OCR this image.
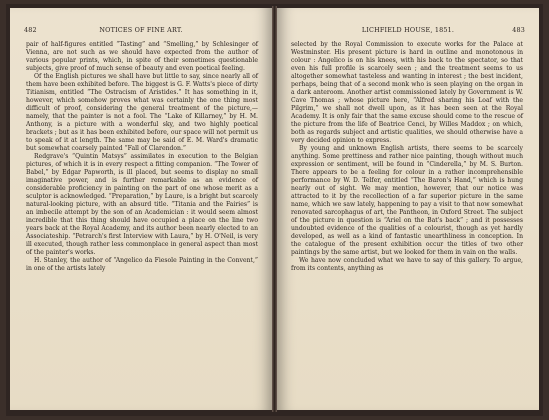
482	NOTICES OF FINE ART.

pair of half-figures entitled “Tasting” and “Smelling,” by Schlesinger of Vienna, are not such as we should have expected from the author of various popular prints, which, in spite of their sometimes questionable subjects, give proof of much sense of beauty and even poetical feeling.

Of the English pictures we shall have but little to say, since nearly all of them have been exhibited before. The biggest is G. F. Watts's piece of dirty Titianism, entitled “The Ostracism of Aristides.” It has something in it, however, which somehow proves what was certainly the one thing most difficult of proof, considering the general treatment of the picture,—namely, that the painter is not a fool. The “Lake of Killarney,” by H. M. Anthony, is a picture with a wonderful sky, and two highly poetical brackets ; but as it has been exhibited before, our space will not permit us to speak of it at length. The same may be said of E. M. Ward's dramatic but somewhat coarsely painted “Fall of Clarendon.”

Redgrave's “Quintin Matsys” assimilates in execution to the Belgian pictures, of which it is in every respect a fitting companion. “The Tower of Babel,” by Edgar Papworth, is ill placed, but seems to display no small imaginative power, and is further remarkable as an evidence of considerable proficiency in painting on the part of one whose merit as a sculptor is acknowledged. “Preparation,” by Laure, is a bright but scarcely natural-looking picture, with an absurd title. “Titania and the Fairies” is an imbecile attempt by the son of an Academician : it would seem almost incredible that this thing should have occupied a place on the line two years back at the Royal Academy, and its author been nearly elected to an Associateship. “Petrarch's first Interview with Laura,” by H. O'Neil, is very ill executed, though rather less commonplace in general aspect than most of the painter's works.

H. Stanley, the author of “Angelico da Fiesole Painting in the Convent,” in one of the artists lately

LICHFIELD HOUSE, 1851.	483

selected by the Royal Commission to execute works for the Palace at Westminster. His present picture is hard in outline and monotonous in colour : Angelico is on his knees, with his back to the spectator, so that even his full profile is scarcely seen ; and the treatment seems to us altogether somewhat tasteless and wanting in interest ; the best incident, perhaps, being that of a second monk who is seen playing on the organ in a dark anteroom. Another artist commissioned lately by Government is W. Cave Thomas ; whose picture here, “Alfred sharing his Loaf with the Pilgrim,” we shall not dwell upon, as it has been seen at the Royal Academy. It is only fair that the same excuse should come to the rescue of the picture from the life of Beatrice Cenci, by Willes Maddox ; on which, both as regards subject and artistic qualities, we should otherwise have a very decided opinion to express.

By young and unknown English artists, there seems to be scarcely anything. Some prettiness and rather nice painting, though without much expression or sentiment, will be found in “Cinderella,” by M. S. Burton. There appears to be a feeling for colour in a rather incomprehensible performance by W. D. Telfer, entitled “The Baron's Hand,” which is hung nearly out of sight. We may mention, however, that our notice was attracted to it by the recollection of a far superior picture in the same name, which we saw lately, happening to pay a visit to that now somewhat renovated sarcophagus of art, the Pantheon, in Oxford Street. The subject of the picture in question is “Ariel on the Bat's back” ; and it possesses undoubted evidence of the qualities of a colourist, though as yet hardly developed, as well as a kind of fantastic unearthliness in conception. In the catalogue of the present exhibition occur the titles of two other paintings by the same artist, but we looked for them in vain on the walls.

We have now concluded what we have to say of this gallery. To argue, from its contents, anything as
